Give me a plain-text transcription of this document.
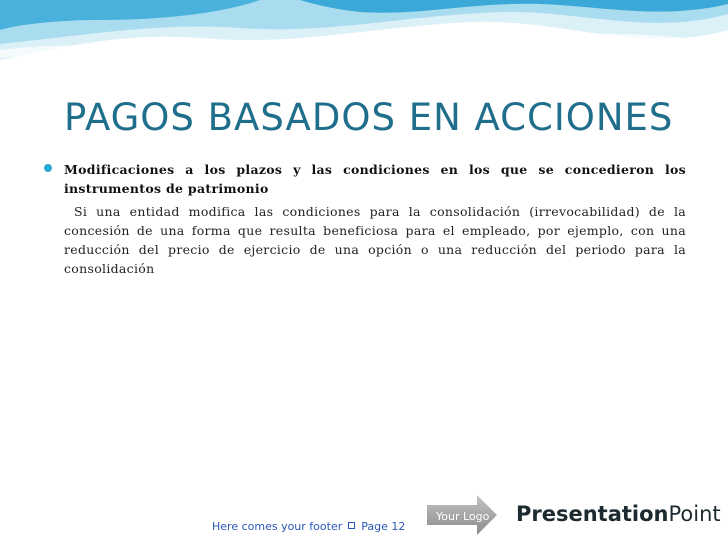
PAGOS BASADOS EN ACCIONES

Modificaciones a los plazos y las condiciones en los que se concedieron los instrumentos de patrimonio

Si una entidad modifica las condiciones para la consolidación (irrevocabilidad) de la concesión de una forma que resulta beneficiosa para el empleado, por ejemplo, con una reducción del precio de ejercicio de una opción o una reducción del periodo para la consolidación

Here comes your footer Page 12
Your Logo PresentationPoint
